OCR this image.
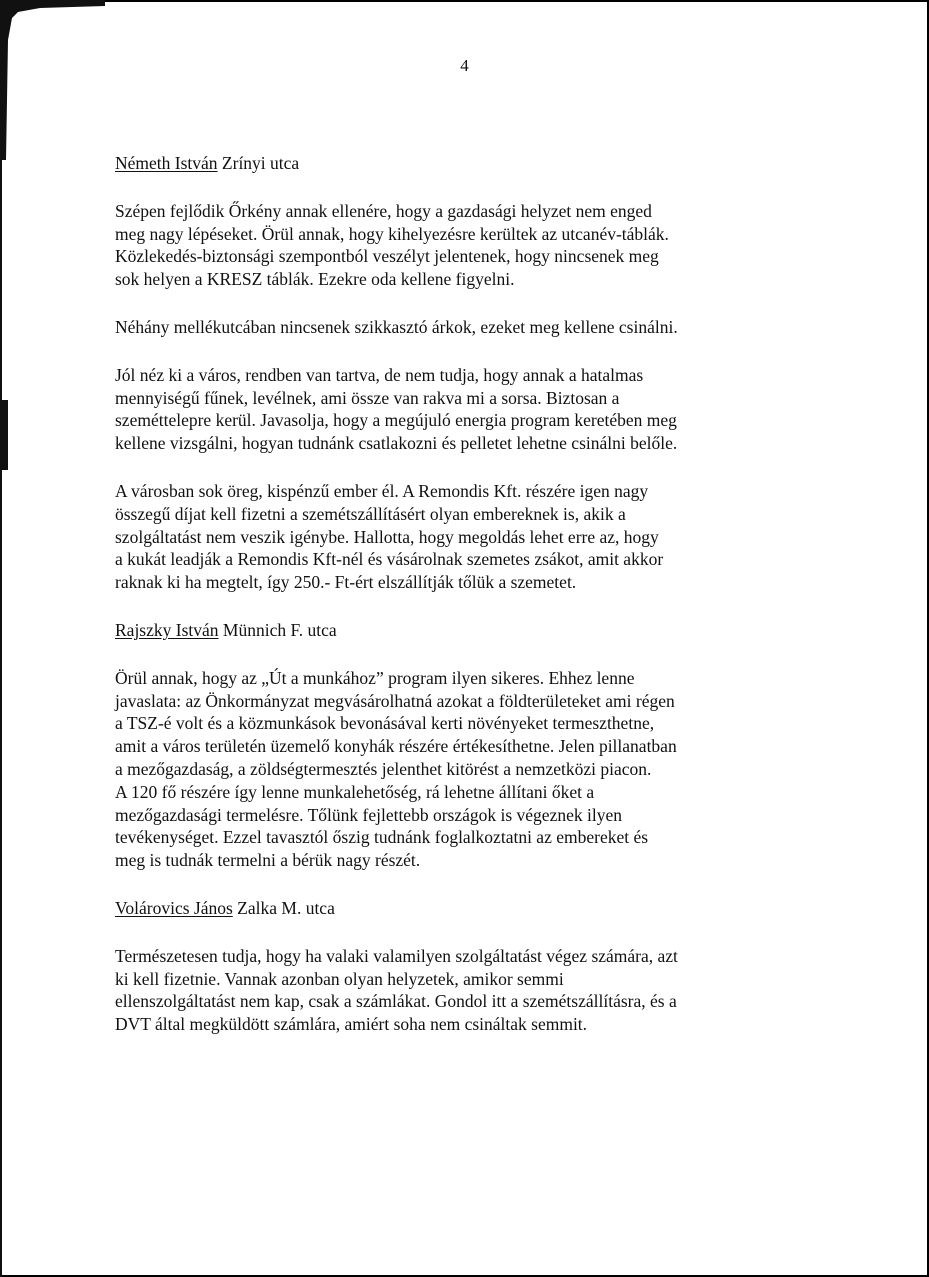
4
Németh István Zrínyi utca
Szépen fejlődik Őrkény annak ellenére, hogy a gazdasági helyzet nem enged
meg nagy lépéseket. Örül annak, hogy kihelyezésre kerültek az utcanév-táblák.
Közlekedés-biztonsági szempontból veszélyt jelentenek, hogy nincsenek meg
sok helyen a KRESZ táblák. Ezekre oda kellene figyelni.
Néhány mellékutcában nincsenek szikkasztó árkok, ezeket meg kellene csinálni.
Jól néz ki a város, rendben van tartva, de nem tudja, hogy annak a hatalmas
mennyiségű fűnek, levélnek, ami össze van rakva mi a sorsa. Biztosan a
szeméttelepre kerül. Javasolja, hogy a megújuló energia program keretében meg
kellene vizsgálni, hogyan tudnánk csatlakozni és pelletet lehetne csinálni belőle.
A városban sok öreg, kispénzű ember él. A Remondis Kft. részére igen nagy
összegű díjat kell fizetni a szemétszállításért olyan embereknek is, akik a
szolgáltatást nem veszik igénybe. Hallotta, hogy megoldás lehet erre az, hogy
a kukát leadják a Remondis Kft-nél és vásárolnak szemetes zsákot, amit akkor
raknak ki ha megtelt, így 250.- Ft-ért elszállítják tőlük a szemetet.
Rajszky István Münnich F. utca
Örül annak, hogy az „Út a munkához” program ilyen sikeres. Ehhez lenne
javaslata: az Önkormányzat megvásárolhatná azokat a földterületeket ami régen
a TSZ-é volt és a közmunkások bevonásával kerti növényeket termeszthetne,
amit a város területén üzemelő konyhák részére értékesíthetne. Jelen pillanatban
a mezőgazdaság, a zöldségtermesztés jelenthet kitörést a nemzetközi piacon.
A 120 fő részére így lenne munkalehetőség, rá lehetne állítani őket a
mezőgazdasági termelésre. Tőlünk fejlettebb országok is végeznek ilyen
tevékenységet. Ezzel tavasztól őszig tudnánk foglalkoztatni az embereket és
meg is tudnák termelni a bérük nagy részét.
Volárovics János Zalka M. utca
Természetesen tudja, hogy ha valaki valamilyen szolgáltatást végez számára, azt
ki kell fizetnie. Vannak azonban olyan helyzetek, amikor semmi
ellenszolgáltatást nem kap, csak a számlákat. Gondol itt a szemétszállításra, és a
DVT által megküldött számlára, amiért soha nem csináltak semmit.
